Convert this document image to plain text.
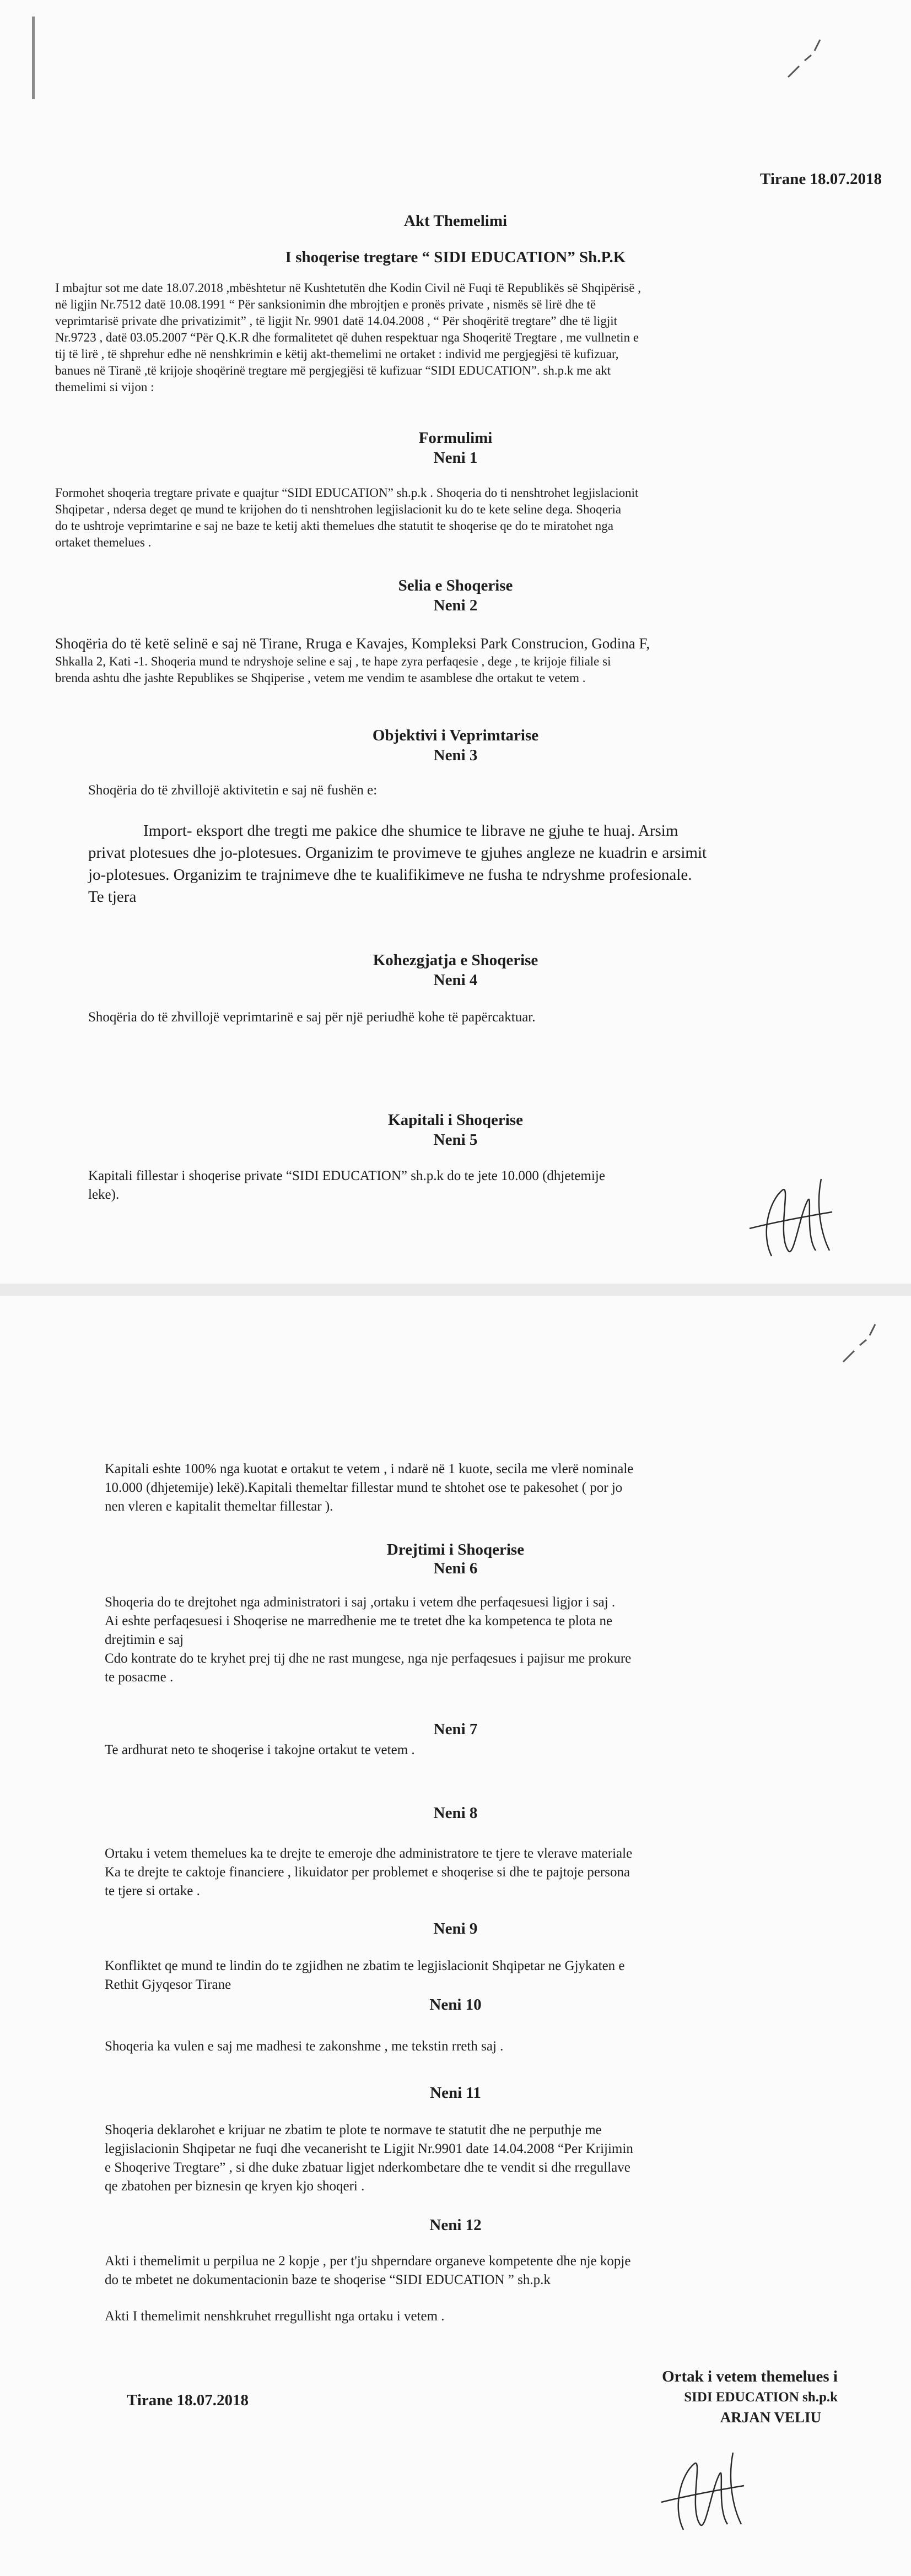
Tirane 18.07.2018

Akt Themelimi

I shoqerise tregtare “ SIDI EDUCATION” Sh.P.K

I mbajtur sot me date 18.07.2018 ,mbështetur në Kushtetutën dhe Kodin Civil në Fuqi të Republikës së Shqipërisë ,
në ligjin Nr.7512 datë 10.08.1991 “ Për sanksionimin dhe mbrojtjen e pronës private , nismës së lirë dhe të
veprimtarisë private dhe privatizimit” , të ligjit Nr. 9901 datë 14.04.2008 , “ Për shoqëritë tregtare” dhe të ligjit
Nr.9723 , datë 03.05.2007 “Për Q.K.R dhe formalitetet që duhen respektuar nga Shoqeritë Tregtare , me vullnetin e
tij të lirë , të shprehur edhe në nenshkrimin e këtij akt-themelimi ne ortaket : individ me pergjegjësi të kufizuar,
banues në Tiranë ,të krijoje shoqërinë tregtare më pergjegjësi të kufizuar “SIDI EDUCATION”. sh.p.k me akt
themelimi si vijon :

Formulimi

Neni 1

Formohet shoqeria tregtare private e quajtur “SIDI EDUCATION” sh.p.k . Shoqeria do ti nenshtrohet legjislacionit
Shqipetar , ndersa deget qe mund te krijohen do ti nenshtrohen legjislacionit ku do te kete seline dega. Shoqeria
do te ushtroje veprimtarine e saj ne baze te ketij akti themelues dhe statutit te shoqerise qe do te miratohet nga
ortaket themelues .

Selia e Shoqerise

Neni 2

Shoqëria do të ketë selinë e saj në Tirane, Rruga e Kavajes, Kompleksi Park Construcion, Godina F,
Shkalla 2, Kati -1. Shoqeria mund te ndryshoje seline e saj , te hape zyra perfaqesie , dege , te krijoje filiale si
brenda ashtu dhe jashte Republikes se Shqiperise , vetem me vendim te asamblese dhe ortakut te vetem .

Objektivi i Veprimtarise

Neni 3

Shoqëria do të zhvillojë aktivitetin e saj në fushën e:

Import- eksport dhe tregti me pakice dhe shumice te librave ne gjuhe te huaj. Arsim
privat plotesues dhe jo-plotesues. Organizim te provimeve te gjuhes angleze ne kuadrin e arsimit
jo-plotesues. Organizim te trajnimeve dhe te kualifikimeve ne fusha te ndryshme profesionale.
Te tjera

Kohezgjatja e Shoqerise

Neni 4

Shoqëria do të zhvillojë veprimtarinë e saj për një periudhë kohe të papërcaktuar.

Kapitali i Shoqerise

Neni 5

Kapitali fillestar i shoqerise private “SIDI EDUCATION” sh.p.k do te jete 10.000 (dhjetemije
leke).
Kapitali eshte 100% nga kuotat e ortakut te vetem , i ndarë në 1 kuote, secila me vlerë nominale
10.000 (dhjetemije) lekë).Kapitali themeltar fillestar mund te shtohet ose te pakesohet ( por jo
nen vleren e kapitalit themeltar fillestar ).

Drejtimi i Shoqerise

Neni 6

Shoqeria do te drejtohet nga administratori i saj ,ortaku i vetem dhe perfaqesuesi ligjor i saj .
Ai eshte perfaqesuesi i Shoqerise ne marredhenie me te tretet dhe ka kompetenca te plota ne
drejtimin e saj
Cdo kontrate do te kryhet prej tij dhe ne rast mungese, nga nje perfaqesues i pajisur me prokure
te posacme .

Neni 7

Te ardhurat neto te shoqerise i takojne ortakut te vetem .

Neni 8

Ortaku i vetem themelues ka te drejte te emeroje dhe administratore te tjere te vlerave materiale
Ka te drejte te caktoje financiere , likuidator per problemet e shoqerise si dhe te pajtoje persona
te tjere si ortake .

Neni 9

Konfliktet qe mund te lindin do te zgjidhen ne zbatim te legjislacionit Shqipetar ne Gjykaten e
Rethit Gjyqesor Tirane

Neni 10

Shoqeria ka vulen e saj me madhesi te zakonshme , me tekstin rreth saj .

Neni 11

Shoqeria deklarohet e krijuar ne zbatim te plote te normave te statutit dhe ne perputhje me
legjislacionin Shqipetar ne fuqi dhe vecanerisht te Ligjit Nr.9901 date 14.04.2008 “Per Krijimin
e Shoqerive Tregtare” , si dhe duke zbatuar ligjet nderkombetare dhe te vendit si dhe rregullave
qe zbatohen per biznesin qe kryen kjo shoqeri .

Neni 12

Akti i themelimit u perpilua ne 2 kopje , per t'ju shperndare organeve kompetente dhe nje kopje
do te mbetet ne dokumentacionin baze te shoqerise “SIDI EDUCATION ” sh.p.k

Akti I themelimit nenshkruhet rregullisht nga ortaku i vetem .

Tirane 18.07.2018

Ortak i vetem themelues i
SIDI EDUCATION sh.p.k
ARJAN VELIU
